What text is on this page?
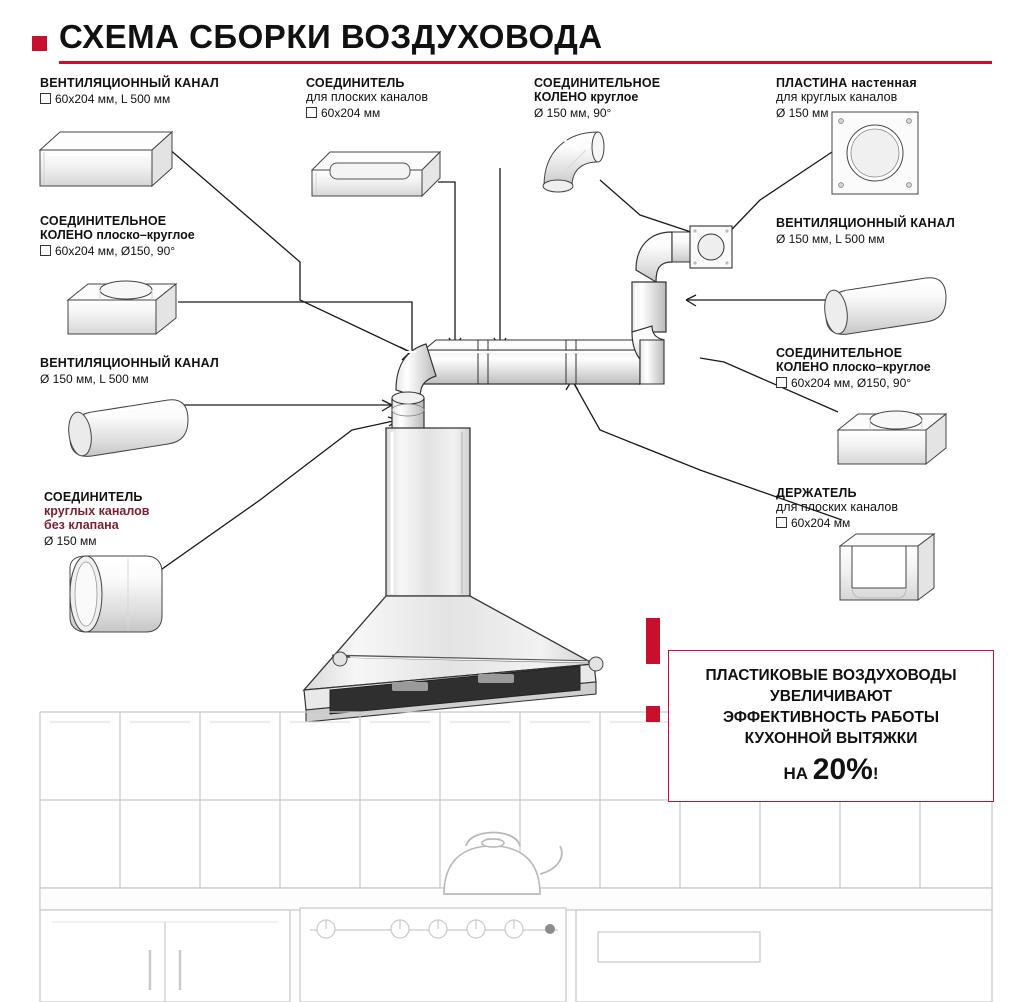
СХЕМА СБОРКИ ВОЗДУХОВОДА
ВЕНТИЛЯЦИОННЫЙ КАНАЛ
60х204 мм, L 500 мм
СОЕДИНИТЕЛЬ
для плоских каналов
60х204 мм
СОЕДИНИТЕЛЬНОЕ
КОЛЕНО круглое
Ø 150 мм, 90°
ПЛАСТИНА настенная
для круглых каналов
Ø 150 мм
СОЕДИНИТЕЛЬНОЕ
КОЛЕНО плоско–круглое
60х204 мм, Ø150, 90°
ВЕНТИЛЯЦИОННЫЙ КАНАЛ
Ø 150 мм, L 500 мм
ВЕНТИЛЯЦИОННЫЙ КАНАЛ
Ø 150 мм, L 500 мм
СОЕДИНИТЕЛЬНОЕ
КОЛЕНО плоско–круглое
60х204 мм, Ø150, 90°
СОЕДИНИТЕЛЬ
круглых каналов
без клапана
Ø 150 мм
ДЕРЖАТЕЛЬ
для плоских каналов
60х204 мм
ПЛАСТИКОВЫЕ ВОЗДУХОВОДЫ
УВЕЛИЧИВАЮТ
ЭФФЕКТИВНОСТЬ РАБОТЫ
КУХОННОЙ ВЫТЯЖКИ
НА 20%!
